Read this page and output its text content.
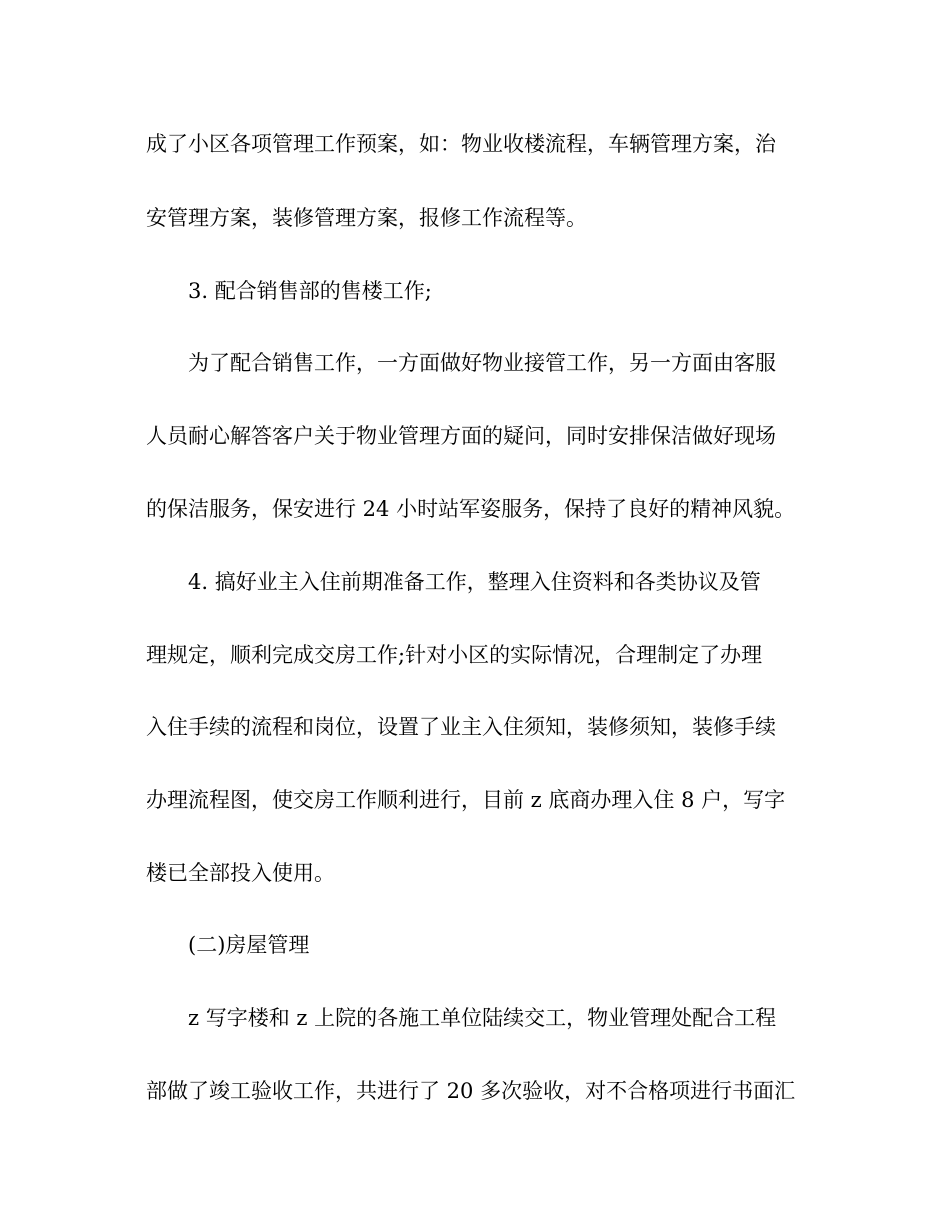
成了小区各项管理工作预案，如：物业收楼流程，车辆管理方案，治
安管理方案，装修管理方案，报修工作流程等。
3. 配合销售部的售楼工作;
为了配合销售工作，一方面做好物业接管工作，另一方面由客服
人员耐心解答客户关于物业管理方面的疑问，同时安排保洁做好现场
的保洁服务，保安进行 24 小时站军姿服务，保持了良好的精神风貌。
4. 搞好业主入住前期准备工作，整理入住资料和各类协议及管
理规定，顺利完成交房工作;针对小区的实际情况，合理制定了办理
入住手续的流程和岗位，设置了业主入住须知，装修须知，装修手续
办理流程图，使交房工作顺利进行，目前 z 底商办理入住 8 户，写字
楼已全部投入使用。
(二)房屋管理
z 写字楼和 z 上院的各施工单位陆续交工，物业管理处配合工程
部做了竣工验收工作，共进行了 20 多次验收，对不合格项进行书面汇
